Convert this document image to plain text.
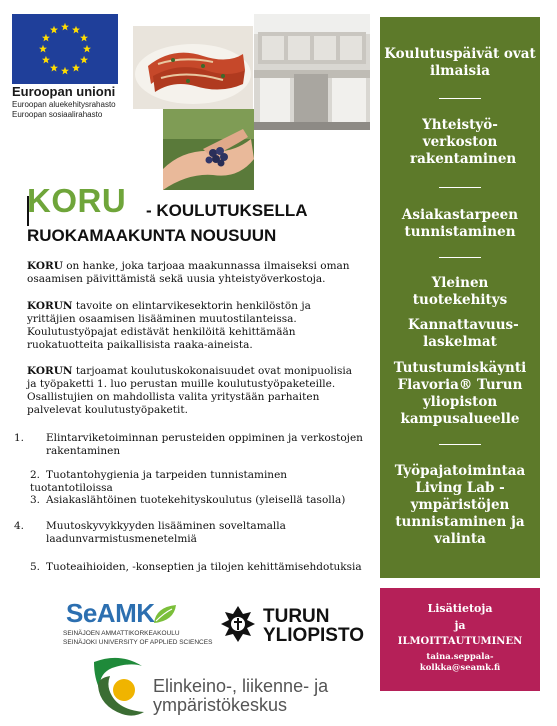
Euroopan unioni
Euroopan aluekehitysrahasto
Euroopan sosiaalirahasto
KORU - KOULUTUKSELLA
RUOKAMAAKUNTA NOUSUUN
KORU on hanke, joka tarjoaa maakunnassa ilmaiseksi oman osaamisen päivittämistä sekä uusia yhteistyöverkostoja.
KORUN tavoite on elintarvikesektorin henkilöstön ja yrittäjien osaamisen lisääminen muutostilanteissa. Koulutustyöpajat edistävät henkilöitä kehittämään ruokatuotteita paikallisista raaka-aineista.
KORUN tarjoamat koulutuskokonaisuudet ovat monipuolisia ja työpaketti 1. luo perustan muille koulutustyöpaketeille. Osallistujien on mahdollista valita yritystään parhaiten palvelevat koulutustyöpaketit.
1. Elintarviketoiminnan perusteiden oppiminen ja verkostojen rakentaminen
2. Tuotantohygienia ja tarpeiden tunnistaminen tuotantotiloissa
3. Asiakaslähtöinen tuotekehityskoulutus (yleisellä tasolla)
4. Muutoskyvykkyyden lisääminen soveltamalla laadunvarmistusmenetelmiä
5. Tuoteaihioiden, -konseptien ja tilojen kehittämisehdotuksia
Koulutuspäivät ovat ilmaisia
Yhteistyö-verkoston rakentaminen
Asiakastarpeen tunnistaminen
Yleinen tuotekehitys
Kannattavuus-laskelmat
Tutustumiskäynti Flavoria® Turun yliopiston kampusalueelle
Työpajatoimintaa Living Lab -ympäristöjen tunnistaminen ja valinta
Lisätietoja
ja
ILMOITTAUTUMINEN
taina.seppala-
kolkka@seamk.fi
SeAMK
SEINÄJOEN AMMATTIKORKEAKOULU
SEINÄJOKI UNIVERSITY OF APPLIED SCIENCES
TURUN
YLIOPISTO
Elinkeino-, liikenne- ja
ympäristökeskus
